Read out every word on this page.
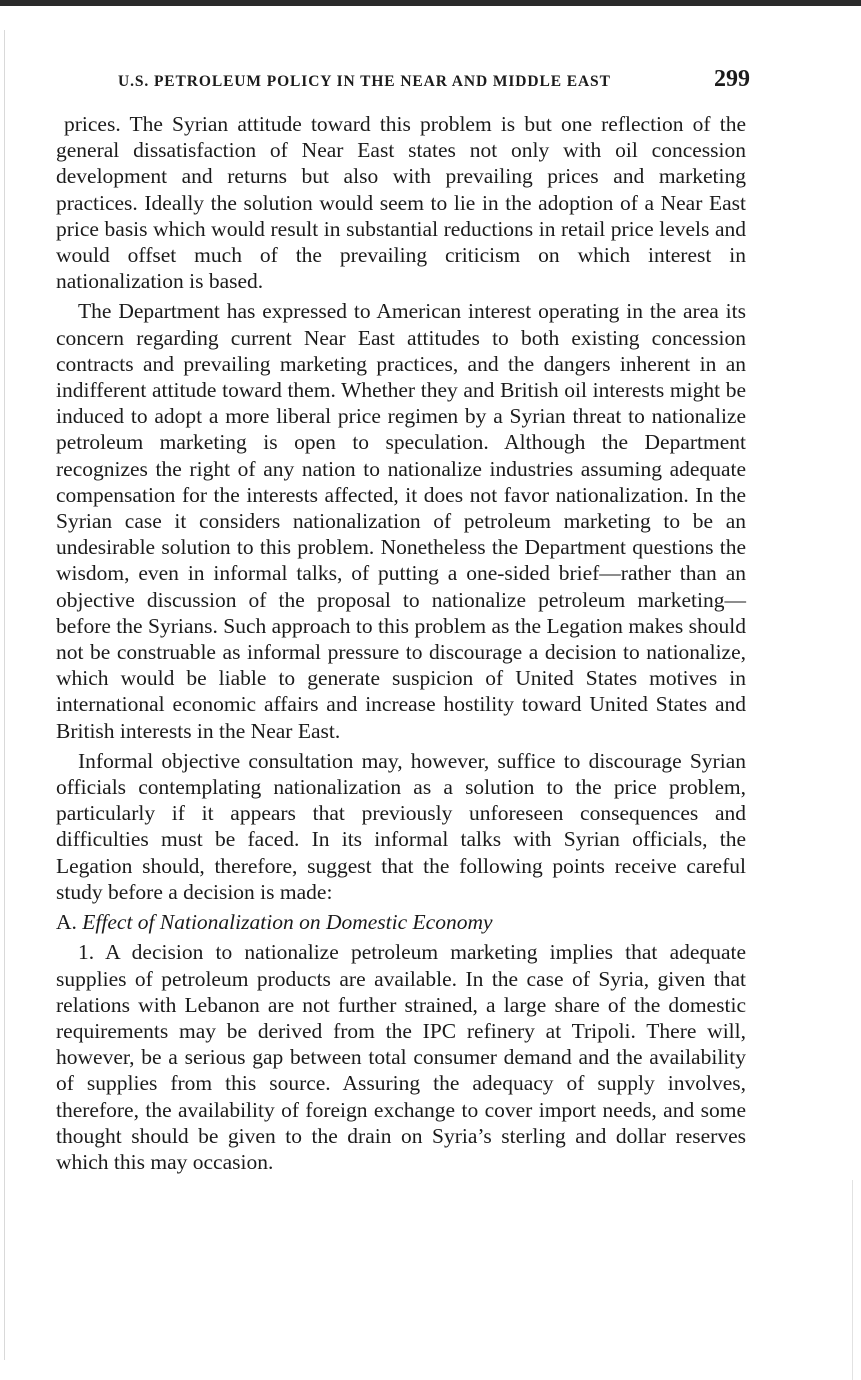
U.S. PETROLEUM POLICY IN THE NEAR AND MIDDLE EAST	299

prices. The Syrian attitude toward this problem is but one reflection of the general dissatisfaction of Near East states not only with oil concession development and returns but also with prevailing prices and marketing practices. Ideally the solution would seem to lie in the adoption of a Near East price basis which would result in substantial reductions in retail price levels and would offset much of the prevailing criticism on which interest in nationalization is based.

The Department has expressed to American interest operating in the area its concern regarding current Near East attitudes to both existing concession contracts and prevailing marketing practices, and the dangers inherent in an indifferent attitude toward them. Whether they and British oil interests might be induced to adopt a more liberal price regimen by a Syrian threat to nationalize petroleum marketing is open to speculation. Although the Department recognizes the right of any nation to nationalize industries assuming adequate compensation for the interests affected, it does not favor nationalization. In the Syrian case it considers nationalization of petroleum marketing to be an undesirable solution to this problem. Nonetheless the Department questions the wisdom, even in informal talks, of putting a one-sided brief—rather than an objective discussion of the proposal to nationalize petroleum marketing—before the Syrians. Such approach to this problem as the Legation makes should not be construable as informal pressure to discourage a decision to nationalize, which would be liable to generate suspicion of United States motives in international economic affairs and increase hostility toward United States and British interests in the Near East.

Informal objective consultation may, however, suffice to discourage Syrian officials contemplating nationalization as a solution to the price problem, particularly if it appears that previously unforeseen consequences and difficulties must be faced. In its informal talks with Syrian officials, the Legation should, therefore, suggest that the following points receive careful study before a decision is made:

A. Effect of Nationalization on Domestic Economy

1. A decision to nationalize petroleum marketing implies that adequate supplies of petroleum products are available. In the case of Syria, given that relations with Lebanon are not further strained, a large share of the domestic requirements may be derived from the IPC refinery at Tripoli. There will, however, be a serious gap between total consumer demand and the availability of supplies from this source. Assuring the adequacy of supply involves, therefore, the availability of foreign exchange to cover import needs, and some thought should be given to the drain on Syria’s sterling and dollar reserves which this may occasion.
